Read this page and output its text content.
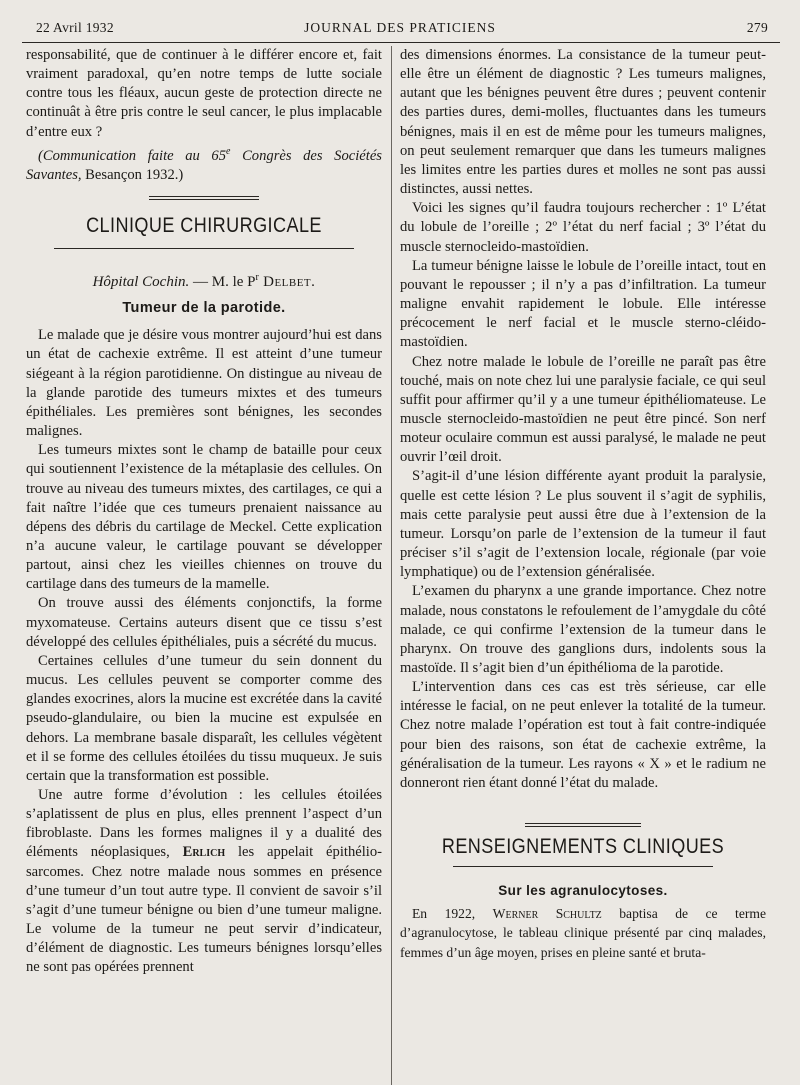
22 Avril 1932	JOURNAL DES PRATICIENS	279

responsabilité, que de continuer à le différer encore et, fait vraiment paradoxal, qu’en notre temps de lutte sociale contre tous les fléaux, aucun geste de protection directe ne continuât à être pris contre le seul cancer, le plus implacable d’entre eux ?

(Communication faite au 65e Congrès des Sociétés Savantes, Besançon 1932.)

CLINIQUE CHIRURGICALE
Hôpital Cochin. — M. le $P^r$ Delbet.
Tumeur de la parotide.

Le malade que je désire vous montrer aujourd’hui est dans un état de cachexie extrême. Il est atteint d’une tumeur siégeant à la région parotidienne. On distingue au niveau de la glande parotide des tumeurs mixtes et des tumeurs épithéliales. Les premières sont bénignes, les secondes malignes.

Les tumeurs mixtes sont le champ de bataille pour ceux qui soutiennent l’existence de la métaplasie des cellules. On trouve au niveau des tumeurs mixtes, des cartilages, ce qui a fait naître l’idée que ces tumeurs prenaient naissance au dépens des débris du cartilage de Meckel. Cette explication n’a aucune valeur, le cartilage pouvant se développer partout, ainsi chez les vieilles chiennes on trouve du cartilage dans des tumeurs de la mamelle.

On trouve aussi des éléments conjonctifs, la forme myxomateuse. Certains auteurs disent que ce tissu s’est développé des cellules épithéliales, puis a sécrété du mucus.

Certaines cellules d’une tumeur du sein donnent du mucus. Les cellules peuvent se comporter comme des glandes exocrines, alors la mucine est excrétée dans la cavité pseudo-glandulaire, ou bien la mucine est expulsée en dehors. La membrane basale disparaît, les cellules végètent et il se forme des cellules étoilées du tissu muqueux. Je suis certain que la transformation est possible.

Une autre forme d’évolution : les cellules étoilées s’aplatissent de plus en plus, elles prennent l’aspect d’un fibroblaste. Dans les formes malignes il y a dualité des éléments néoplasiques, Erlich les appelait épithélio-sarcomes. Chez notre malade nous sommes en présence d’une tumeur d’un tout autre type. Il convient de savoir s’il s’agit d’une tumeur bénigne ou bien d’une tumeur maligne. Le volume de la tumeur ne peut servir d’indicateur, d’élément de diagnostic. Les tumeurs bénignes lorsqu’elles ne sont pas opérées prennent

des dimensions énormes. La consistance de la tumeur peut-elle être un élément de diagnostic ? Les tumeurs malignes, autant que les bénignes peuvent être dures ; peuvent contenir des parties dures, demi-molles, fluctuantes dans les tumeurs bénignes, mais il en est de même pour les tumeurs malignes, on peut seulement remarquer que dans les tumeurs malignes les limites entre les parties dures et molles ne sont pas aussi distinctes, aussi nettes.

Voici les signes qu’il faudra toujours rechercher : 1º L’état du lobule de l’oreille ; 2º l’état du nerf facial ; 3º l’état du muscle sternocleido-mastoïdien.

La tumeur bénigne laisse le lobule de l’oreille intact, tout en pouvant le repousser ; il n’y a pas d’infiltration. La tumeur maligne envahit rapidement le lobule. Elle intéresse précocement le nerf facial et le muscle sterno-cléido-mastoïdien.

Chez notre malade le lobule de l’oreille ne paraît pas être touché, mais on note chez lui une paralysie faciale, ce qui seul suffit pour affirmer qu’il y a une tumeur épithéliomateuse. Le muscle sternocleido-mastoïdien ne peut être pincé. Son nerf moteur oculaire commun est aussi paralysé, le malade ne peut ouvrir l’œil droit.

S’agit-il d’une lésion différente ayant produit la paralysie, quelle est cette lésion ? Le plus souvent il s’agit de syphilis, mais cette paralysie peut aussi être due à l’extension de la tumeur. Lorsqu’on parle de l’extension de la tumeur il faut préciser s’il s’agit de l’extension locale, régionale (par voie lymphatique) ou de l’extension généralisée.

L’examen du pharynx a une grande importance. Chez notre malade, nous constatons le refoulement de l’amygdale du côté malade, ce qui confirme l’extension de la tumeur dans le pharynx. On trouve des ganglions durs, indolents sous la mastoïde. Il s’agit bien d’un épithélioma de la parotide.

L’intervention dans ces cas est très sérieuse, car elle intéresse le facial, on ne peut enlever la totalité de la tumeur. Chez notre malade l’opération est tout à fait contre-indiquée pour bien des raisons, son état de cachexie extrême, la généralisation de la tumeur. Les rayons « X » et le radium ne donneront rien étant donné l’état du malade.

RENSEIGNEMENTS CLINIQUES
Sur les agranulocytoses.

En 1922, Werner Schultz baptisa de ce terme d’agranulocytose, le tableau clinique présenté par cinq malades, femmes d’un âge moyen, prises en pleine santé et bruta-
